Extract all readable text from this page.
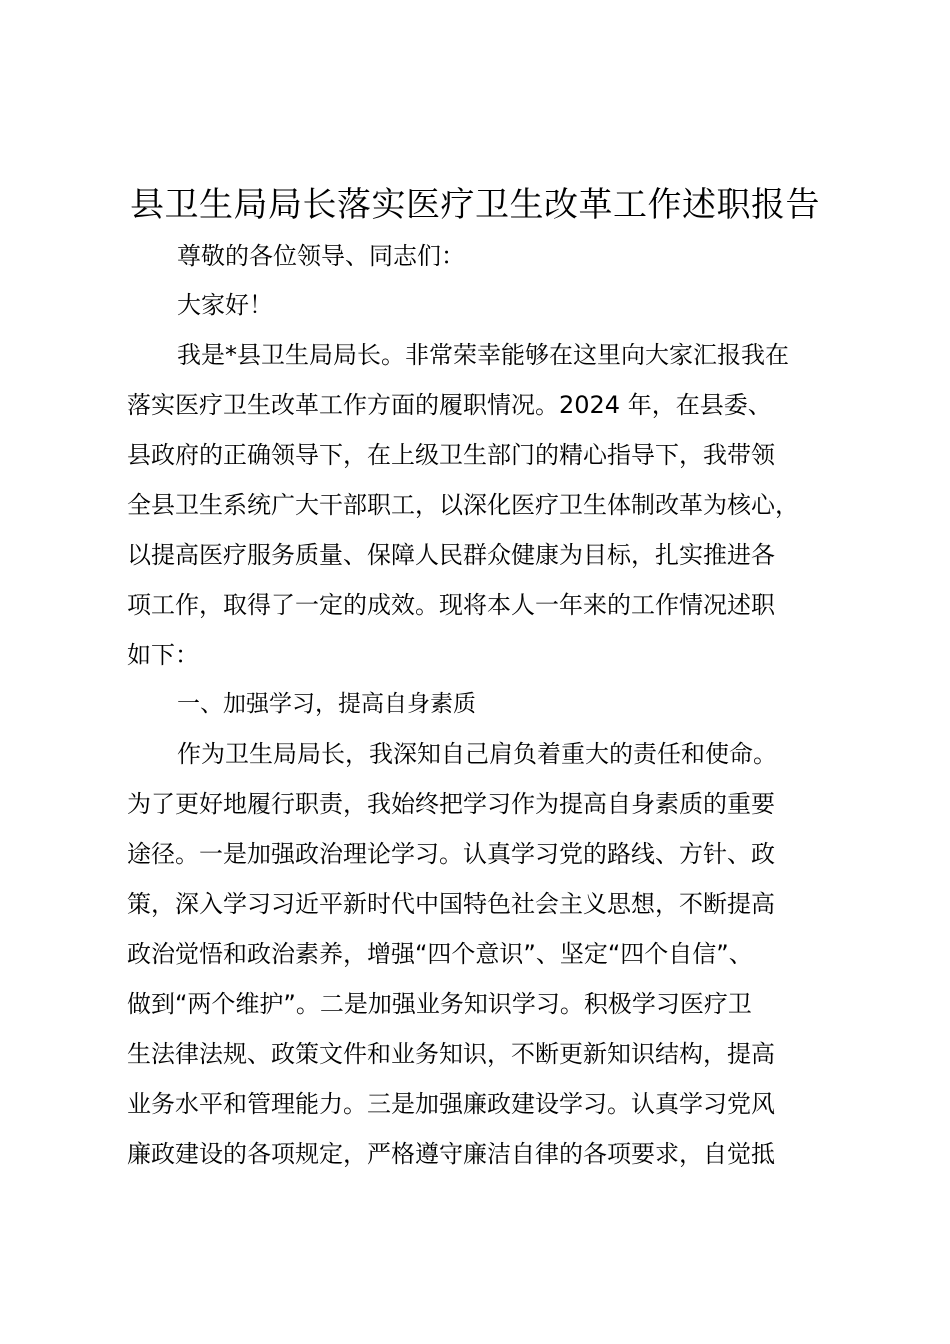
县卫生局局长落实医疗卫生改革工作述职报告

尊敬的各位领导、同志们：

大家好！

我是*县卫生局局长。非常荣幸能够在这里向大家汇报我在

落实医疗卫生改革工作方面的履职情况。2024 年，在县委、

县政府的正确领导下，在上级卫生部门的精心指导下，我带领

全县卫生系统广大干部职工，以深化医疗卫生体制改革为核心，

以提高医疗服务质量、保障人民群众健康为目标，扎实推进各

项工作，取得了一定的成效。现将本人一年来的工作情况述职

如下：

一、加强学习，提高自身素质

作为卫生局局长，我深知自己肩负着重大的责任和使命。

为了更好地履行职责，我始终把学习作为提高自身素质的重要

途径。一是加强政治理论学习。认真学习党的路线、方针、政

策，深入学习习近平新时代中国特色社会主义思想，不断提高

政治觉悟和政治素养，增强“四个意识”、坚定“四个自信”、

做到“两个维护”。二是加强业务知识学习。积极学习医疗卫

生法律法规、政策文件和业务知识，不断更新知识结构，提高

业务水平和管理能力。三是加强廉政建设学习。认真学习党风

廉政建设的各项规定，严格遵守廉洁自律的各项要求，自觉抵
